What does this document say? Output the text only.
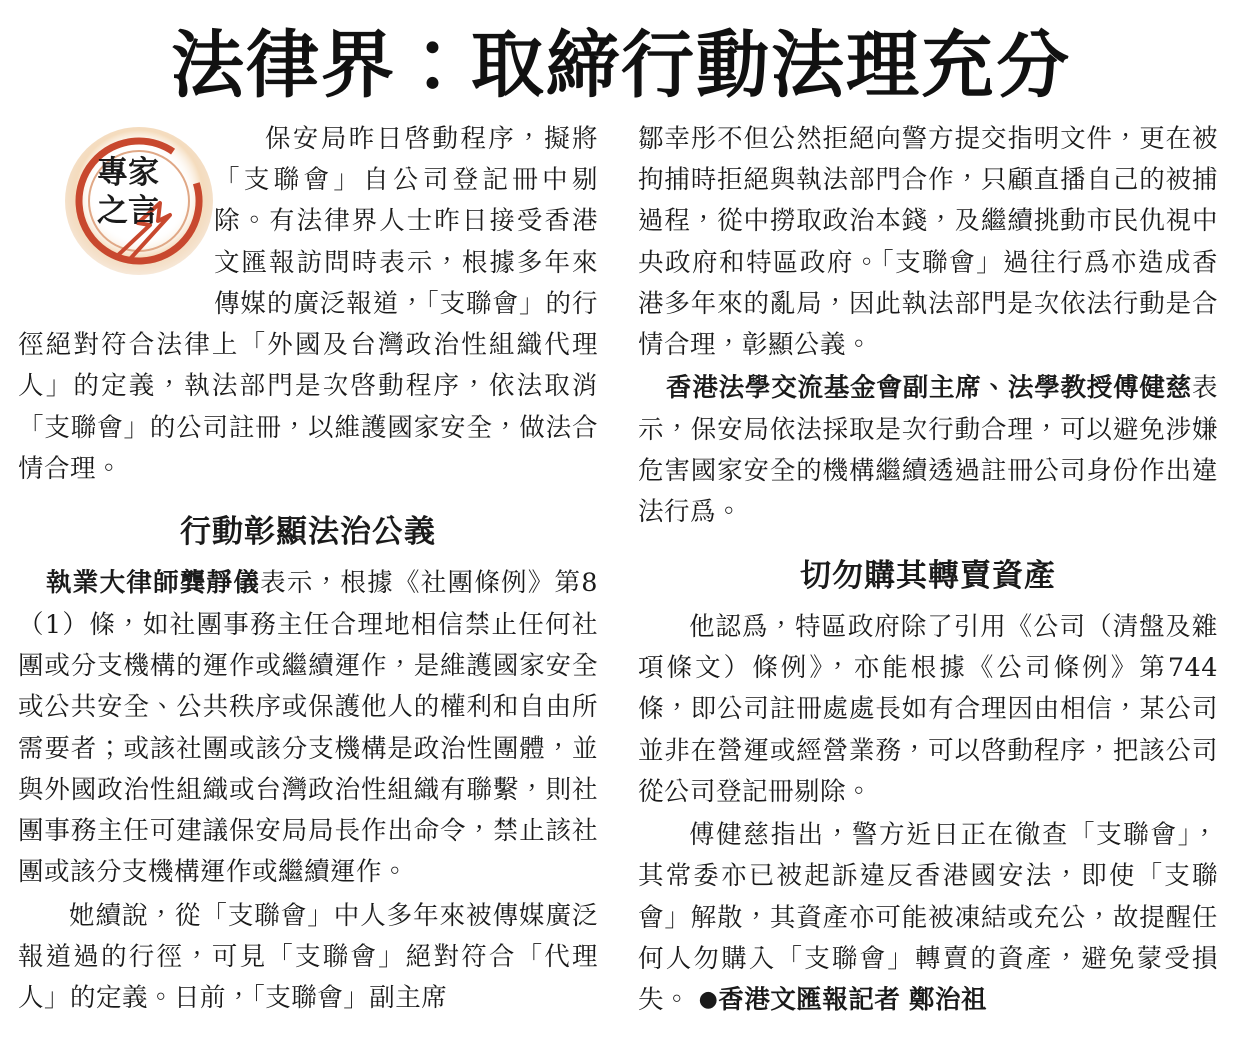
法律界：取締行動法理充分
專家
之言

保安局昨日啓動程序，擬將「支聯會」自公司登記冊中剔除。有法律界人士昨日接受香港文匯報訪問時表示，根據多年來傳媒的廣泛報道，「支聯會」的行徑絕對符合法律上「外國及台灣政治性組織代理人」的定義，執法部門是次啓動程序，依法取消「支聯會」的公司註冊，以維護國家安全，做法合情合理。

行動彰顯法治公義

執業大律師龔靜儀表示，根據《社團條例》第8（1）條，如社團事務主任合理地相信禁止任何社團或分支機構的運作或繼續運作，是維護國家安全或公共安全、公共秩序或保護他人的權利和自由所需要者；或該社團或該分支機構是政治性團體，並與外國政治性組織或台灣政治性組織有聯繫，則社團事務主任可建議保安局局長作出命令，禁止該社團或該分支機構運作或繼續運作。

她續說，從「支聯會」中人多年來被傳媒廣泛報道過的行徑，可見「支聯會」絕對符合「代理人」的定義。日前，「支聯會」副主席

鄒幸彤不但公然拒絕向警方提交指明文件，更在被拘捕時拒絕與執法部門合作，只顧直播自己的被捕過程，從中撈取政治本錢，及繼續挑動市民仇視中央政府和特區政府。「支聯會」過往行爲亦造成香港多年來的亂局，因此執法部門是次依法行動是合情合理，彰顯公義。

香港法學交流基金會副主席、法學教授傅健慈表示，保安局依法採取是次行動合理，可以避免涉嫌危害國家安全的機構繼續透過註冊公司身份作出違法行爲。

切勿購其轉賣資產

他認爲，特區政府除了引用《公司（清盤及雜項條文）條例》，亦能根據《公司條例》第744條，即公司註冊處處長如有合理因由相信，某公司並非在營運或經營業務，可以啓動程序，把該公司從公司登記冊剔除。

傅健慈指出，警方近日正在徹查「支聯會」，其常委亦已被起訴違反香港國安法，即使「支聯會」解散，其資產亦可能被凍結或充公，故提醒任何人勿購入「支聯會」轉賣的資產，避免蒙受損失。 ●香港文匯報記者 鄭治祖
